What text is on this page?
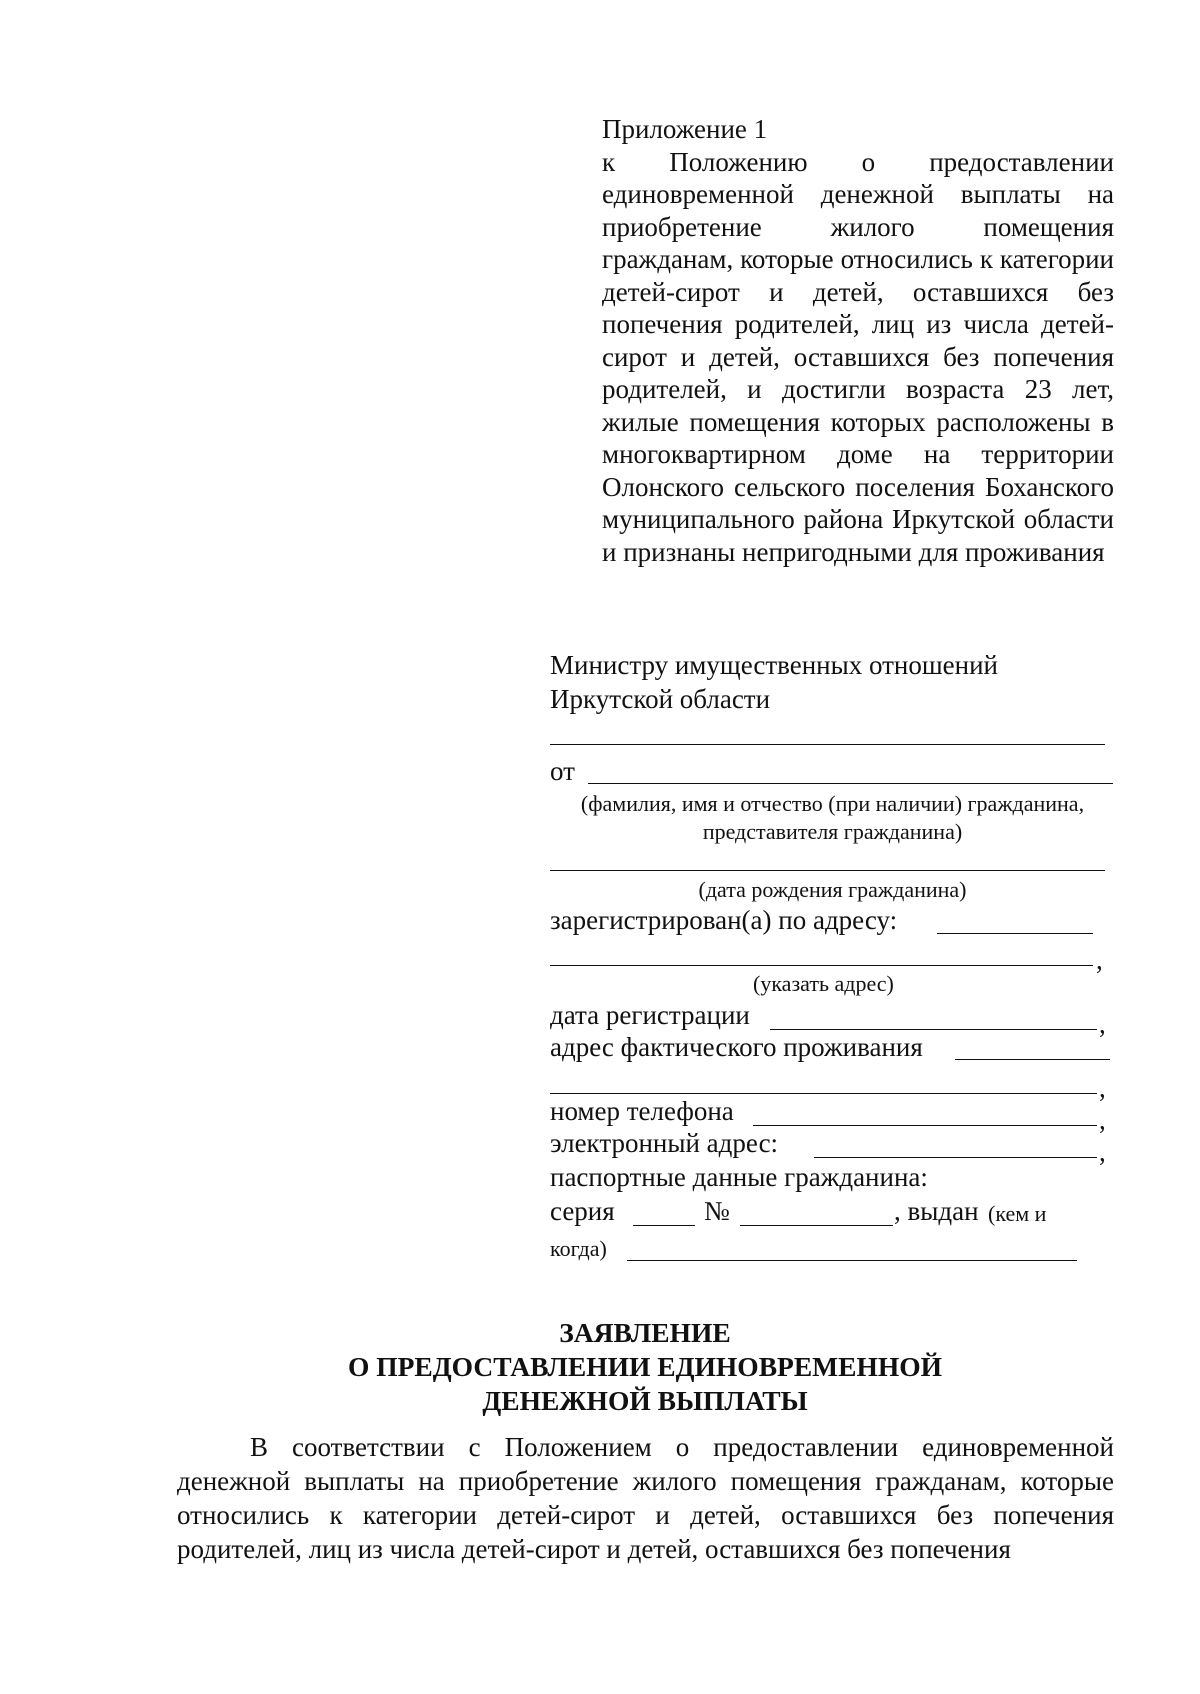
Приложение 1
к Положению о предоставлении единовременной денежной выплаты на приобретение жилого помещения гражданам, которые относились к категории детей-сирот и детей, оставшихся без попечения родителей, лиц из числа детей-сирот и детей, оставшихся без попечения родителей, и достигли возраста 23 лет, жилые помещения которых расположены в многоквартирном доме на территории Олонского сельского поселения Боханского муниципального района Иркутской области и признаны непригодными для проживания
Министру имущественных отношений
Иркутской области
от
(фамилия, имя и отчество (при наличии) гражданина,
представителя гражданина)
(дата рождения гражданина)
зарегистрирован(а) по адресу:
,
(указать адрес)
дата регистрации	,
адрес фактического проживания
,
номер телефона	,
электронный адрес:	,
паспортные данные гражданина:
серия	№	, выдан (кем и
когда)
ЗАЯВЛЕНИЕ
О ПРЕДОСТАВЛЕНИИ ЕДИНОВРЕМЕННОЙ
ДЕНЕЖНОЙ ВЫПЛАТЫ
В соответствии с Положением о предоставлении единовременной денежной выплаты на приобретение жилого помещения гражданам, которые относились к категории детей-сирот и детей, оставшихся без попечения родителей, лиц из числа детей-сирот и детей, оставшихся без попечения
